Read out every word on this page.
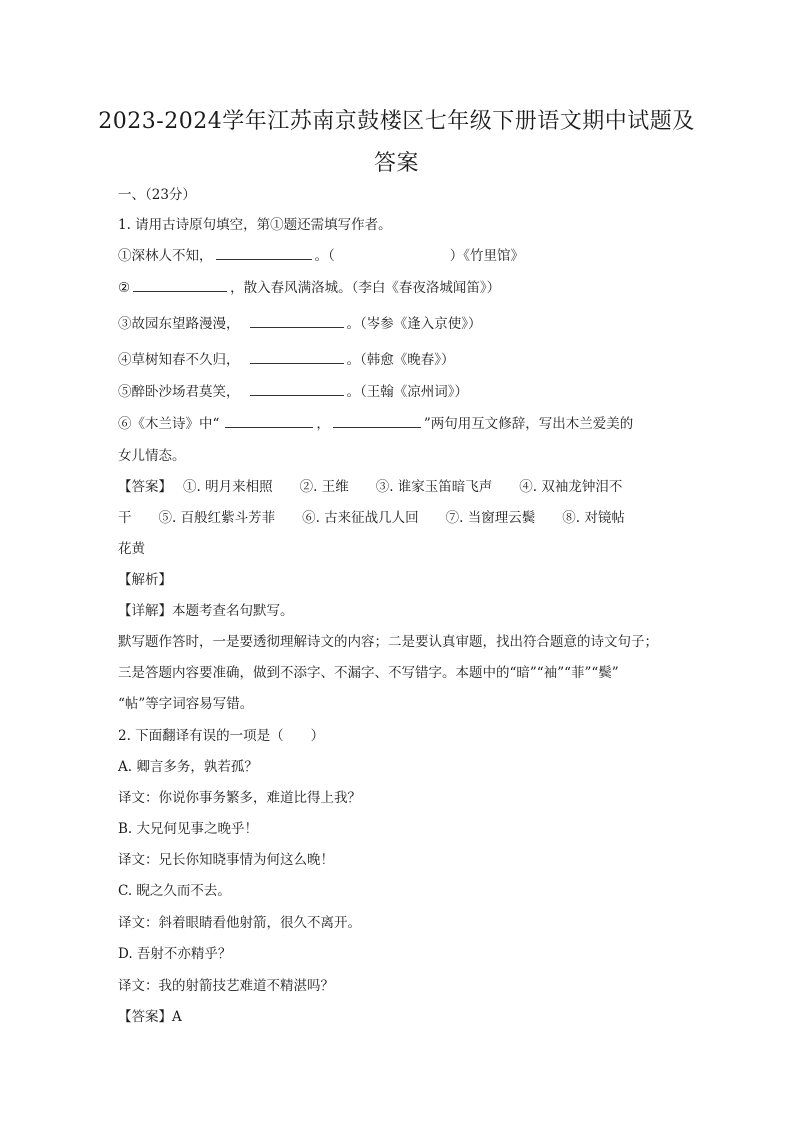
2023-2024学年江苏南京鼓楼区七年级下册语文期中试题及
答案
一、（23分）
1. 请用古诗原句填空，第①题还需填写作者。
①深林人不知，	。（	）《竹里馆》
②	，散入春风满洛城。（李白《春夜洛城闻笛》）
③故园东望路漫漫，	。（岑参《逢入京使》）
④草树知春不久归，	。（韩愈《晚春》）
⑤醉卧沙场君莫笑，	。（王翰《凉州词》）
⑥《木兰诗》中“	，	”两句用互文修辞，写出木兰爱美的
女儿情态。
【答案】　 ①. 明月来相照　　②. 王维　　③. 谁家玉笛暗飞声　　④. 双袖龙钟泪不
干　　⑤. 百般红紫斗芳菲　　⑥. 古来征战几人回　　⑦. 当窗理云鬓　　⑧. 对镜帖
花黄
【解析】
【详解】本题考查名句默写。
默写题作答时，一是要透彻理解诗文的内容；二是要认真审题，找出符合题意的诗文句子；
三是答题内容要准确，做到不添字、不漏字、不写错字。本题中的“暗”“袖”“菲”“鬓”
“帖”等字词容易写错。
2. 下面翻译有误的一项是（　　）
A. 卿言多务，孰若孤？
译文：你说你事务繁多，难道比得上我？
B. 大兄何见事之晚乎！
译文：兄长你知晓事情为何这么晚！
C. 睨之久而不去。
译文：斜着眼睛看他射箭，很久不离开。
D. 吾射不亦精乎？
译文：我的射箭技艺难道不精湛吗？
【答案】A
